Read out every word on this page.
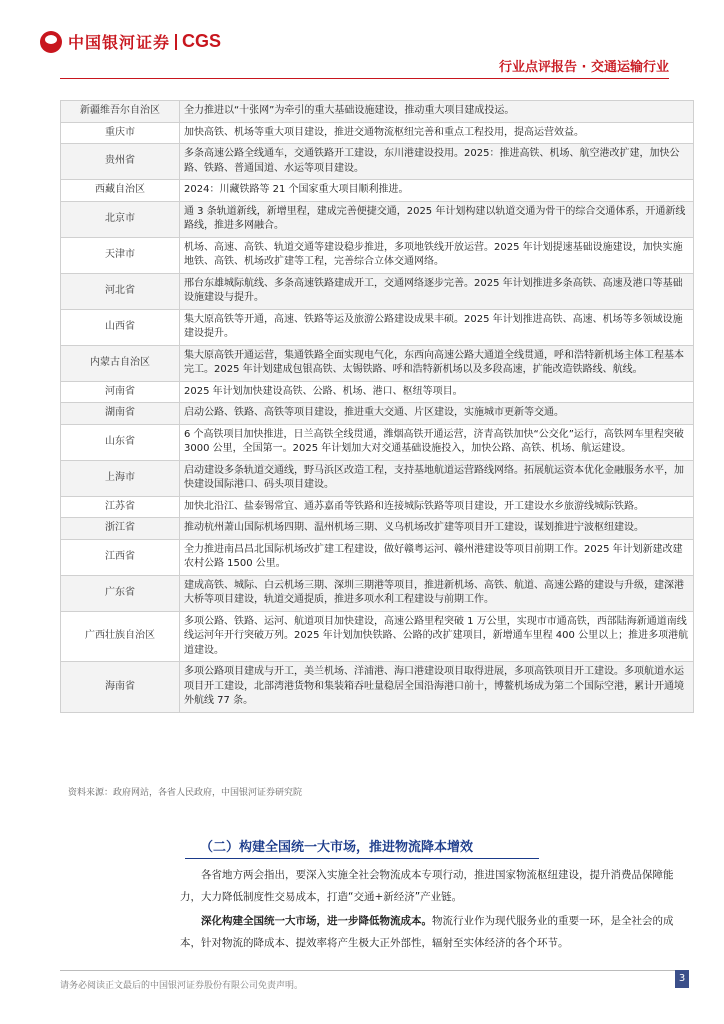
中国银河证券 CGS
行业点评报告 · 交通运输行业
新疆维吾尔自治区	全力推进以“十张网”为牵引的重大基础设施建设，推动重大项目建成投运。
重庆市	加快高铁、机场等重大项目建设，推进交通物流枢纽完善和重点工程投用，提高运营效益。
贵州省	多条高速公路全线通车，交通铁路开工建设，东川港建设投用。2025：推进高铁、机场、航空港改扩建，加快公路、铁路、普通国道、水运等项目建设。
西藏自治区	2024：川藏铁路等 21 个国家重大项目顺利推进。
北京市	通 3 条轨道新线，新增里程，建成完善便捷交通，2025 年计划构建以轨道交通为骨干的综合交通体系，开通新线路线，推进多网融合。
天津市	机场、高速、高铁、轨道交通等建设稳步推进，多项地铁线开放运营。2025 年计划提速基础设施建设，加快实施地铁、高铁、机场改扩建等工程，完善综合立体交通网络。
河北省	邢台东雄城际航线、多条高速铁路建成开工，交通网络逐步完善。2025 年计划推进多条高铁、高速及港口等基础设施建设与提升。
山西省	集大原高铁等开通，高速、铁路等运及旅游公路建设成果丰硕。2025 年计划推进高铁、高速、机场等多领域设施建设提升。
内蒙古自治区	集大原高铁开通运营，集通铁路全面实现电气化，东西向高速公路大通道全线贯通，呼和浩特新机场主体工程基本完工。2025 年计划建成包银高铁、太锡铁路、呼和浩特新机场以及多段高速，扩能改造铁路线、航线。
河南省	2025 年计划加快建设高铁、公路、机场、港口、枢纽等项目。
湖南省	启动公路、铁路、高铁等项目建设，推进重大交通、片区建设，实施城市更新等交通。
山东省	6 个高铁项目加快推进，日兰高铁全线贯通，潍烟高铁开通运营，济青高铁加快“公交化”运行，高铁网车里程突破 3000 公里，全国第一。2025 年计划加大对交通基础设施投入，加快公路、高铁、机场、航运建设。
上海市	启动建设多条轨道交通线，野马浜区改造工程，支持基地航道运营路线网络。拓展航运资本优化金融服务水平，加快建设国际港口、码头项目建设。
江苏省	加快北沿江、盐泰锡常宜、通苏嘉甬等铁路和连接城际铁路等项目建设，开工建设水乡旅游线城际铁路。
浙江省	推动杭州萧山国际机场四期、温州机场三期、义乌机场改扩建等项目开工建设，谋划推进宁波枢纽建设。
江西省	全力推进南昌昌北国际机场改扩建工程建设，做好赣粤运河、赣州港建设等项目前期工作。2025 年计划新建改建农村公路 1500 公里。
广东省	建成高铁、城际、白云机场三期、深圳三期港等项目，推进新机场、高铁、航道、高速公路的建设与升级，建深港大桥等项目建设，轨道交通提质，推进多项水利工程建设与前期工作。
广西壮族自治区	多项公路、铁路、运河、航道项目加快建设，高速公路里程突破 1 万公里，实现市市通高铁，西部陆海新通道南线线运河年开行突破万列。2025 年计划加快铁路、公路的改扩建项目，新增通车里程 400 公里以上；推进多项港航道建设。
海南省	多项公路项目建成与开工，美兰机场、洋浦港、海口港建设项目取得进展，多项高铁项目开工建设。多项航道水运项目开工建设，北部湾港货物和集装箱吞吐量稳居全国沿海港口前十，博鳌机场成为第二个国际空港，累计开通境外航线 77 条。
资料来源：政府网站，各省人民政府，中国银河证券研究院
（二）构建全国统一大市场，推进物流降本增效
各省地方两会指出，要深入实施全社会物流成本专项行动，推进国家物流枢纽建设，提升消费品保障能力，大力降低制度性交易成本，打造“交通+新经济”产业链。
深化构建全国统一大市场，进一步降低物流成本。物流行业作为现代服务业的重要一环，是全社会的成本，针对物流的降成本、提效率将产生极大正外部性，辐射至实体经济的各个环节。
请务必阅读正文最后的中国银河证券股份有限公司免责声明。
3
